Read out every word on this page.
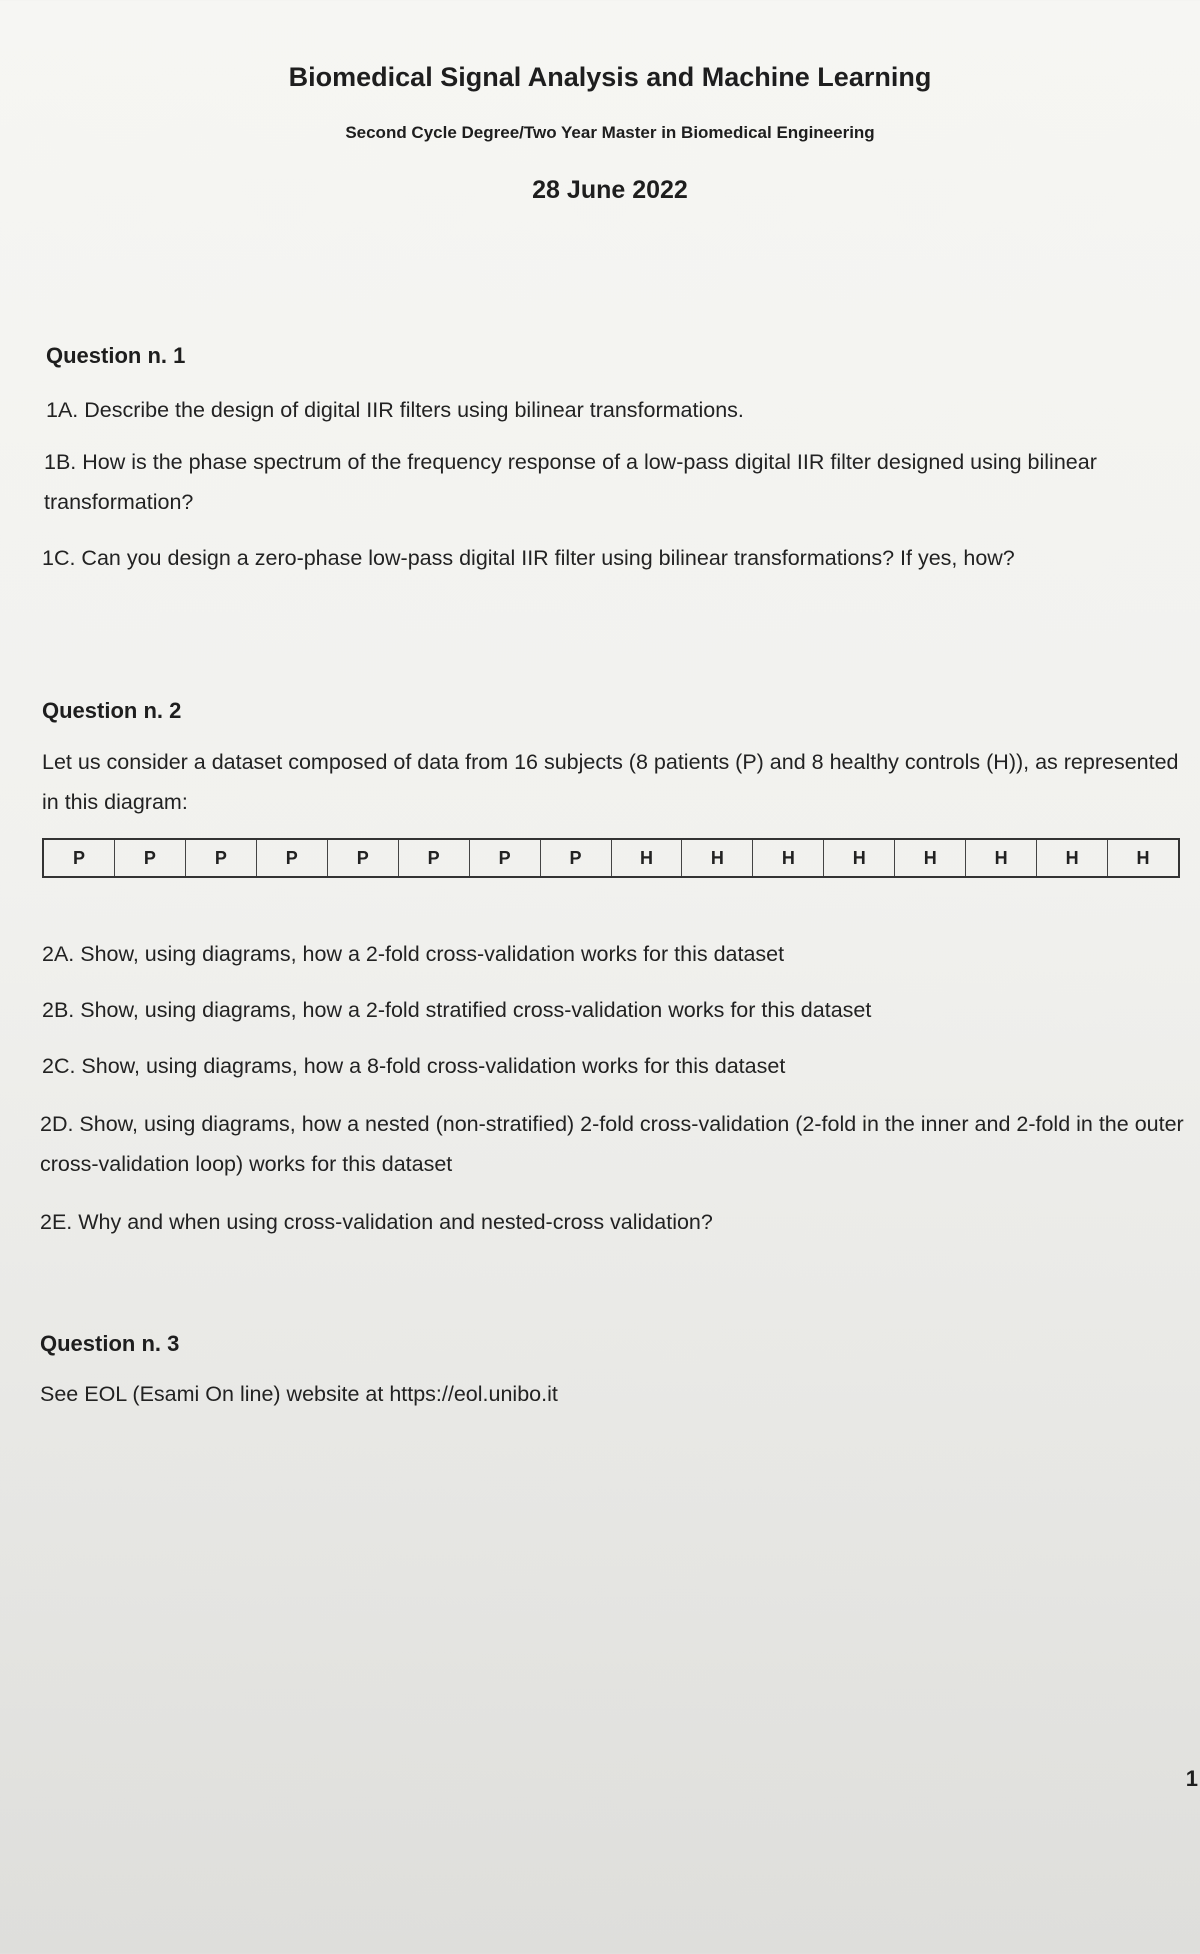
Biomedical Signal Analysis and Machine Learning
Second Cycle Degree/Two Year Master in Biomedical Engineering
28 June 2022
Question n. 1
1A. Describe the design of digital IIR filters using bilinear transformations.
1B. How is the phase spectrum of the frequency response of a low-pass digital IIR filter designed using bilinear transformation?
1C. Can you design a zero-phase low-pass digital IIR filter using bilinear transformations? If yes, how?
Question n. 2
Let us consider a dataset composed of data from 16 subjects (8 patients (P) and 8 healthy controls (H)), as represented in this diagram:
P	P	P	P	P	P	P	P	H	H	H	H	H	H	H	H
2A. Show, using diagrams, how a 2-fold cross-validation works for this dataset
2B. Show, using diagrams, how a 2-fold stratified cross-validation works for this dataset
2C. Show, using diagrams, how a 8-fold cross-validation works for this dataset
2D. Show, using diagrams, how a nested (non-stratified) 2-fold cross-validation (2-fold in the inner and 2-fold in the outer cross-validation loop) works for this dataset
2E. Why and when using cross-validation and nested-cross validation?
Question n. 3
See EOL (Esami On line) website at https://eol.unibo.it
1
